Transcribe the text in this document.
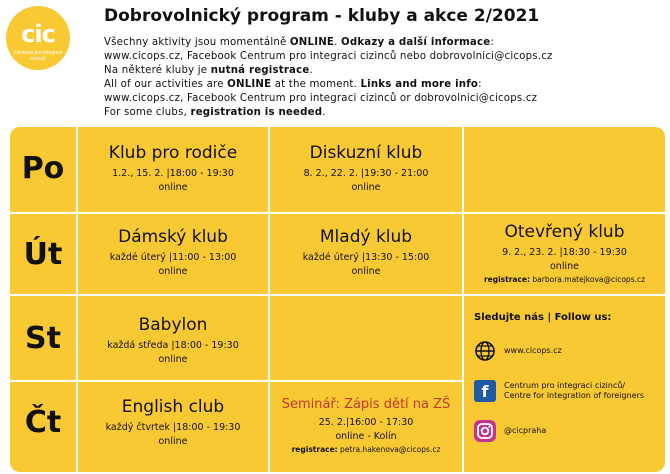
cic
Centrum pro integraci cizinců
Dobrovolnický program - kluby a akce 2/2021
Všechny aktivity jsou momentálně ONLINE. Odkazy a další informace:
www.cicops.cz, Facebook Centrum pro integraci cizinců nebo dobrovolnici@cicops.cz
Na některé kluby je nutná registrace.
All of our activities are ONLINE at the moment. Links and more info:
www.cicops.cz, Facebook Centrum pro integraci cizinců or dobrovolnici@cicops.cz
For some clubs, registration is needed.
Po
Út
St
Čt
Klub pro rodiče
1.2., 15. 2. |18:00 - 19:30
online
Diskuzní klub
8. 2., 22. 2. |19:30 - 21:00
online
Dámský klub
každé úterý |11:00 - 13:00
online
Mladý klub
každé úterý |13:30 - 15:00
online
Otevřený klub
9. 2., 23. 2. |18:30 - 19:30
online
registrace: barbora.matejkova@cicops.cz
Babylon
každá středa |18:00 - 19:30
online
English club
každý čtvrtek |18:00 - 19:30
online
Seminář: Zápis dětí na ZŠ
25. 2.|16:00 - 17:30
online - Kolín
registrace: petra.hakenova@cicops.cz
Sledujte nás | Follow us:
www.cicops.cz
f	Centrum pro integraci cizinců/
Centre for integration of foreigners
@cicpraha
